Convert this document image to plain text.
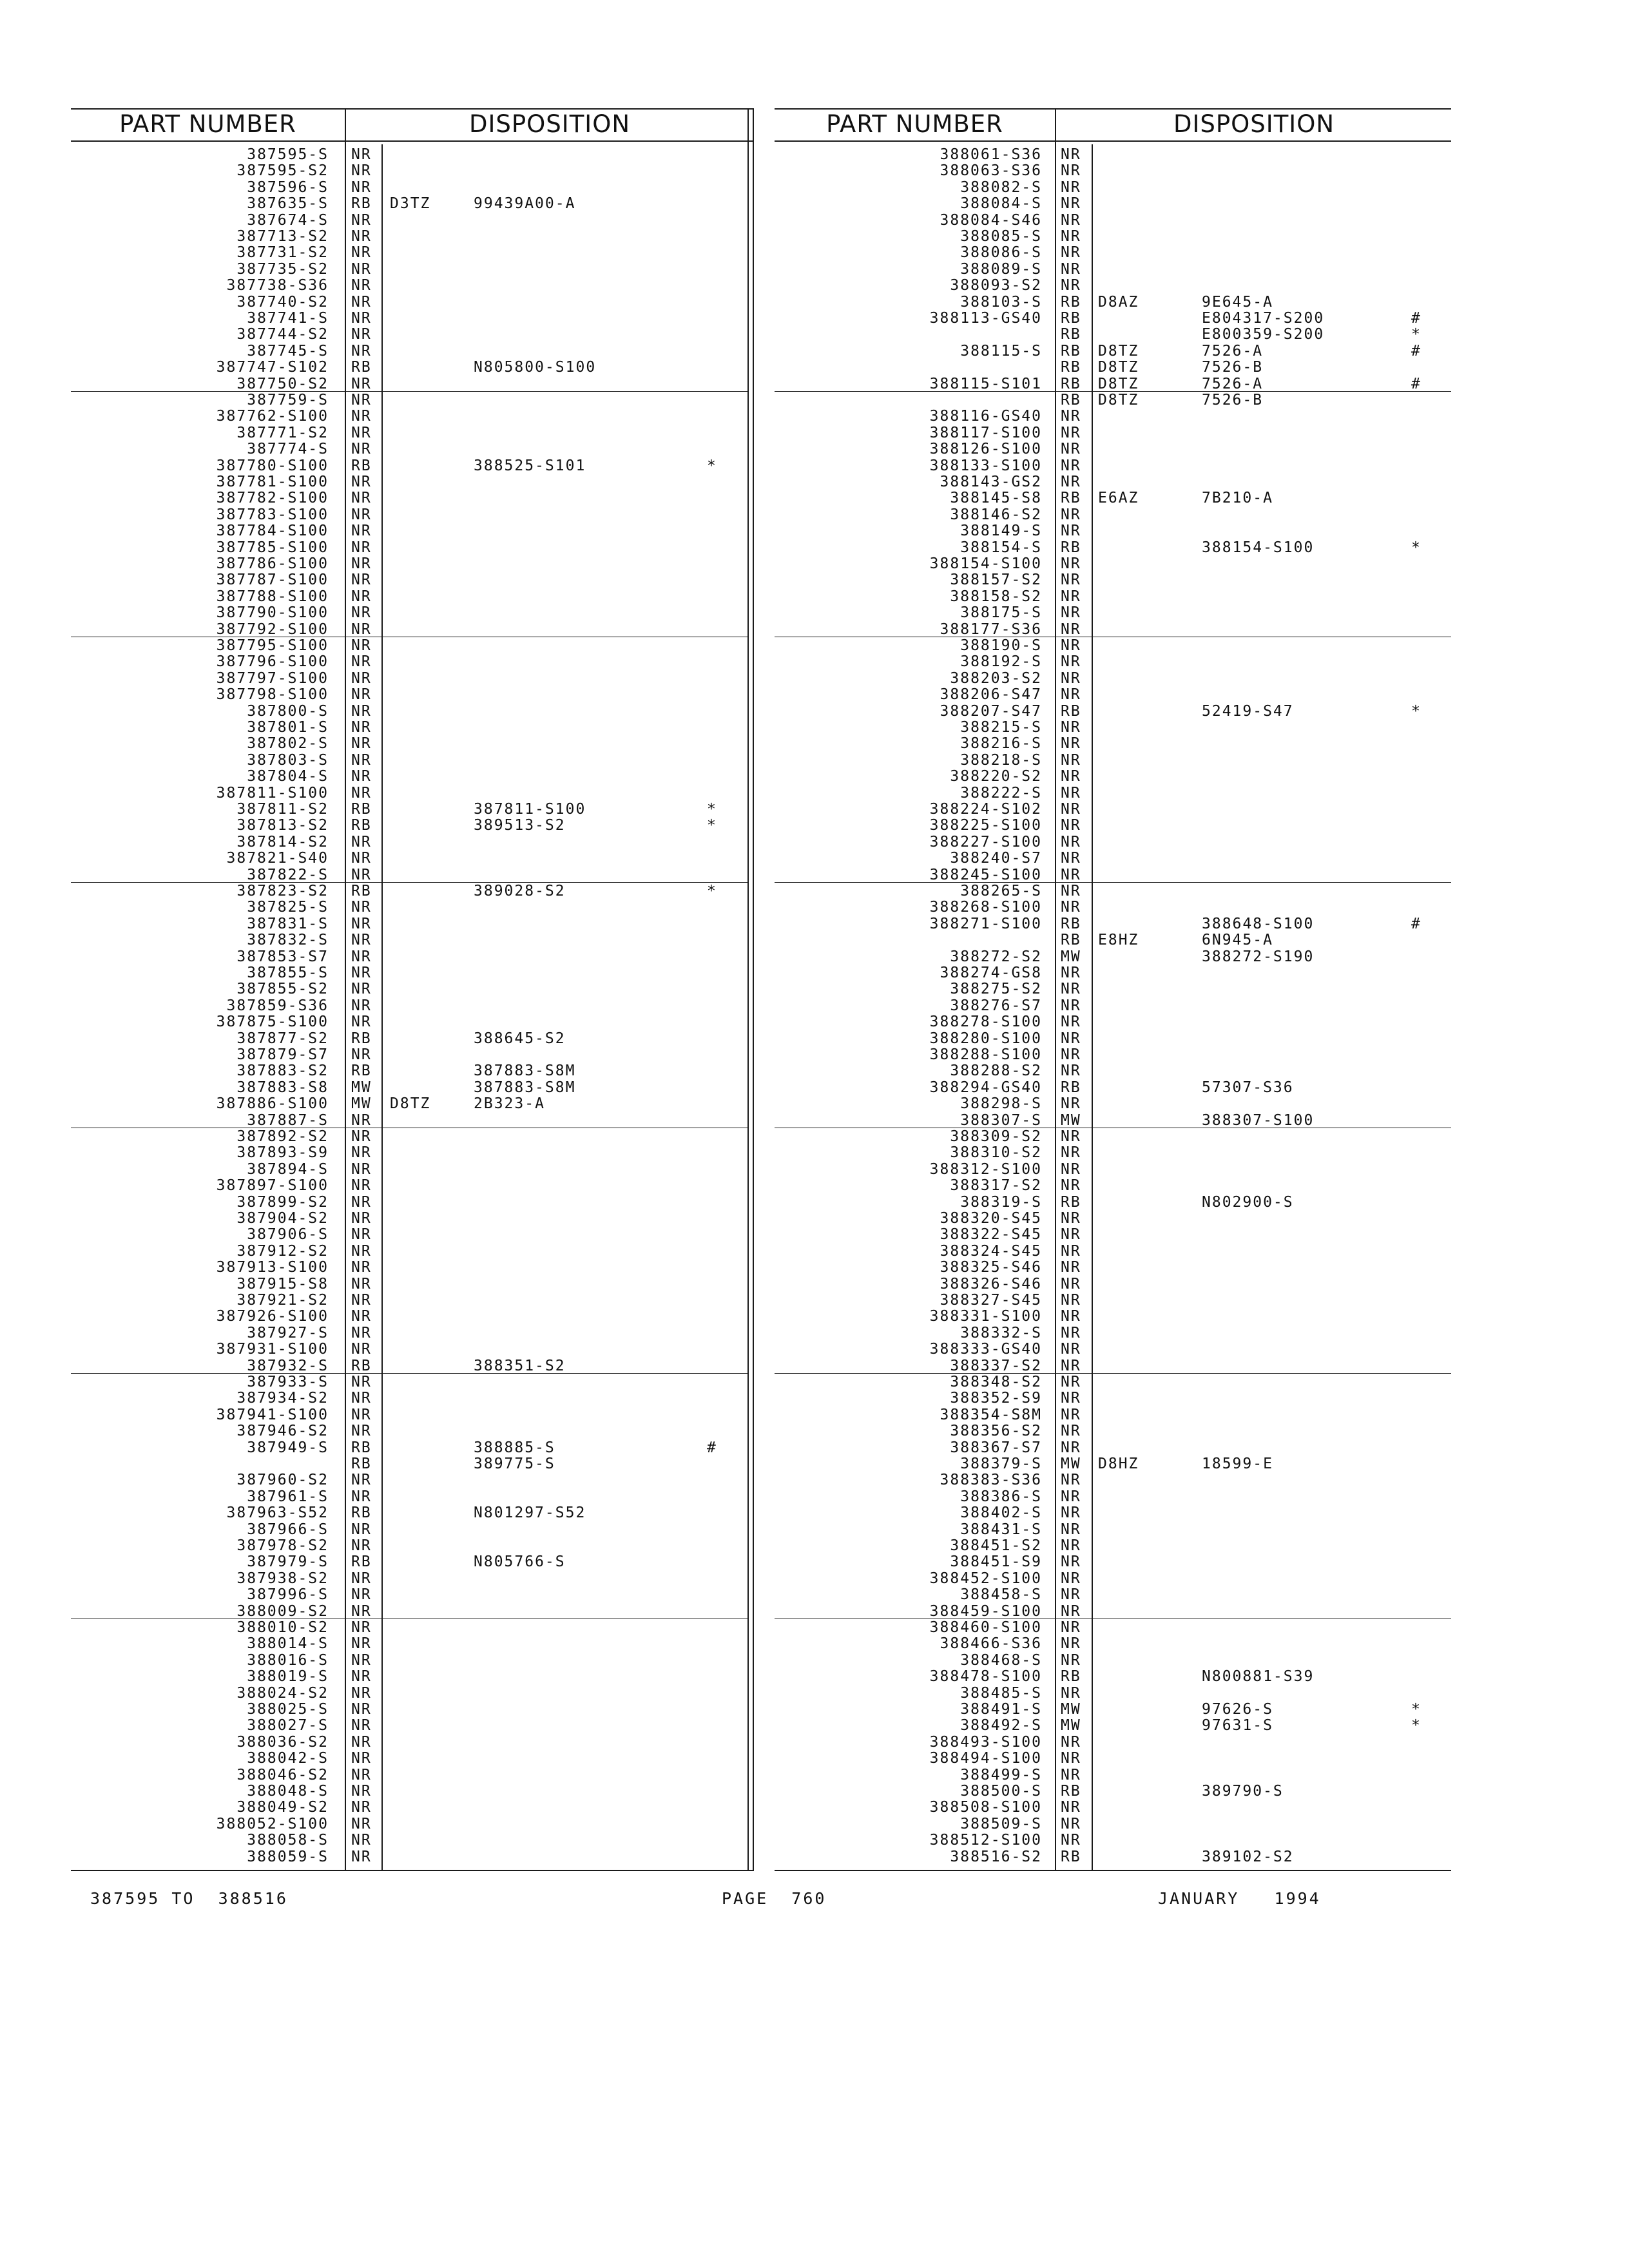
PART NUMBER	DISPOSITION	PART NUMBER	DISPOSITION
387595-S NR
387595-S2 NR
387596-S NR
387635-S RB D3TZ	99439A00-A
387674-S NR
387713-S2 NR
387731-S2 NR
387735-S2 NR
387738-S36 NR
387740-S2 NR
387741-S NR
387744-S2 NR
387745-S NR
387747-S102 RB	N805800-S100
387750-S2 NR
387759-S NR
387762-S100 NR
387771-S2 NR
387774-S NR
387780-S100 RB	388525-S101	*
387781-S100 NR
387782-S100 NR
387783-S100 NR
387784-S100 NR
387785-S100 NR
387786-S100 NR
387787-S100 NR
387788-S100 NR
387790-S100 NR
387792-S100 NR
387795-S100 NR
387796-S100 NR
387797-S100 NR
387798-S100 NR
387800-S NR
387801-S NR
387802-S NR
387803-S NR
387804-S NR
387811-S100 NR
387811-S2 RB	387811-S100	*
387813-S2 RB	389513-S2	*
387814-S2 NR
387821-S40 NR
387822-S NR
387823-S2 RB	389028-S2	*
387825-S NR
387831-S NR
387832-S NR
387853-S7 NR
387855-S NR
387855-S2 NR
387859-S36 NR
387875-S100 NR
387877-S2 RB	388645-S2
387879-S7 NR
387883-S2 RB	387883-S8M
387883-S8 MW	387883-S8M
387886-S100 MW D8TZ	2B323-A
387887-S NR
387892-S2 NR
387893-S9 NR
387894-S NR
387897-S100 NR
387899-S2 NR
387904-S2 NR
387906-S NR
387912-S2 NR
387913-S100 NR
387915-S8 NR
387921-S2 NR
387926-S100 NR
387927-S NR
387931-S100 NR
387932-S RB	388351-S2
387933-S NR
387934-S2 NR
387941-S100 NR
387946-S2 NR
387949-S RB	388885-S	#
RB	389775-S
387960-S2 NR
387961-S NR
387963-S52 RB	N801297-S52
387966-S NR
387978-S2 NR
387979-S RB	N805766-S
387938-S2 NR
387996-S NR
388009-S2 NR
388010-S2 NR
388014-S NR
388016-S NR
388019-S NR
388024-S2 NR
388025-S NR
388027-S NR
388036-S2 NR
388042-S NR
388046-S2 NR
388048-S NR
388049-S2 NR
388052-S100 NR
388058-S NR
388059-S NR
388061-S36 NR
388063-S36 NR
388082-S NR
388084-S NR
388084-S46 NR
388085-S NR
388086-S NR
388089-S NR
388093-S2 NR
388103-S RB D8AZ	9E645-A
388113-GS40 RB	E804317-S200	#
RB	E800359-S200	*
388115-S RB D8TZ	7526-A	#
RB D8TZ	7526-B
388115-S101 RB D8TZ	7526-A	#
RB D8TZ	7526-B
388116-GS40 NR
388117-S100 NR
388126-S100 NR
388133-S100 NR
388143-GS2 NR
388145-S8 RB E6AZ	7B210-A
388146-S2 NR
388149-S NR
388154-S RB	388154-S100	*
388154-S100 NR
388157-S2 NR
388158-S2 NR
388175-S NR
388177-S36 NR
388190-S NR
388192-S NR
388203-S2 NR
388206-S47 NR
388207-S47 RB	52419-S47	*
388215-S NR
388216-S NR
388218-S NR
388220-S2 NR
388222-S NR
388224-S102 NR
388225-S100 NR
388227-S100 NR
388240-S7 NR
388245-S100 NR
388265-S NR
388268-S100 NR
388271-S100 RB	388648-S100	#
RB E8HZ	6N945-A
388272-S2 MW	388272-S190
388274-GS8 NR
388275-S2 NR
388276-S7 NR
388278-S100 NR
388280-S100 NR
388288-S100 NR
388288-S2 NR
388294-GS40 RB	57307-S36
388298-S NR
388307-S MW	388307-S100
388309-S2 NR
388310-S2 NR
388312-S100 NR
388317-S2 NR
388319-S RB	N802900-S
388320-S45 NR
388322-S45 NR
388324-S45 NR
388325-S46 NR
388326-S46 NR
388327-S45 NR
388331-S100 NR
388332-S NR
388333-GS40 NR
388337-S2 NR
388348-S2 NR
388352-S9 NR
388354-S8M NR
388356-S2 NR
388367-S7 NR
388379-S MW D8HZ	18599-E
388383-S36 NR
388386-S NR
388402-S NR
388431-S NR
388451-S2 NR
388451-S9 NR
388452-S100 NR
388458-S NR
388459-S100 NR
388460-S100 NR
388466-S36 NR
388468-S NR
388478-S100 RB	N800881-S39
388485-S NR
388491-S MW	97626-S	*
388492-S MW	97631-S	*
388493-S100 NR
388494-S100 NR
388499-S NR
388500-S RB	389790-S
388508-S100 NR
388509-S NR
388512-S100 NR
388516-S2 RB	389102-S2
387595 TO  388516	PAGE  760	JANUARY   1994
